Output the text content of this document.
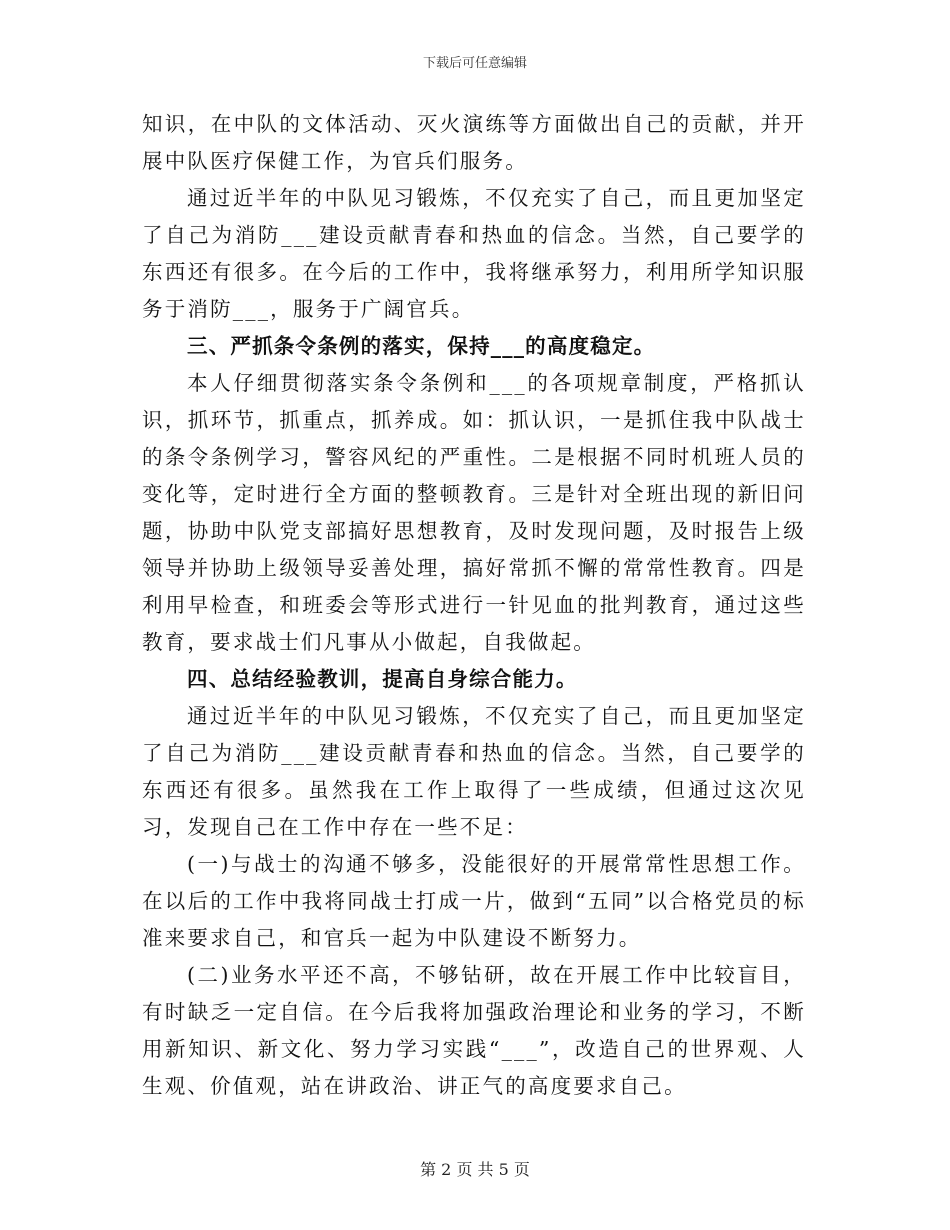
下载后可任意编辑

知识，在中队的文体活动、灭火演练等方面做出自己的贡献，并开展中队医疗保健工作，为官兵们服务。

通过近半年的中队见习锻炼，不仅充实了自己，而且更加坚定了自己为消防___建设贡献青春和热血的信念。当然，自己要学的东西还有很多。在今后的工作中，我将继承努力，利用所学知识服务于消防___，服务于广阔官兵。

三、严抓条令条例的落实，保持___的高度稳定。

本人仔细贯彻落实条令条例和___的各项规章制度，严格抓认识，抓环节，抓重点，抓养成。如：抓认识，一是抓住我中队战士的条令条例学习，警容风纪的严重性。二是根据不同时机班人员的变化等，定时进行全方面的整顿教育。三是针对全班出现的新旧问题，协助中队党支部搞好思想教育，及时发现问题，及时报告上级领导并协助上级领导妥善处理，搞好常抓不懈的常常性教育。四是利用早检查，和班委会等形式进行一针见血的批判教育，通过这些教育，要求战士们凡事从小做起，自我做起。

四、总结经验教训，提高自身综合能力。

通过近半年的中队见习锻炼，不仅充实了自己，而且更加坚定了自己为消防___建设贡献青春和热血的信念。当然，自己要学的东西还有很多。虽然我在工作上取得了一些成绩，但通过这次见习，发现自己在工作中存在一些不足：

(一)与战士的沟通不够多，没能很好的开展常常性思想工作。在以后的工作中我将同战士打成一片，做到“五同”以合格党员的标准来要求自己，和官兵一起为中队建设不断努力。

(二)业务水平还不高，不够钻研，故在开展工作中比较盲目，有时缺乏一定自信。在今后我将加强政治理论和业务的学习，不断用新知识、新文化、努力学习实践“___”，改造自己的世界观、人生观、价值观，站在讲政治、讲正气的高度要求自己。

第 2 页 共 5 页
